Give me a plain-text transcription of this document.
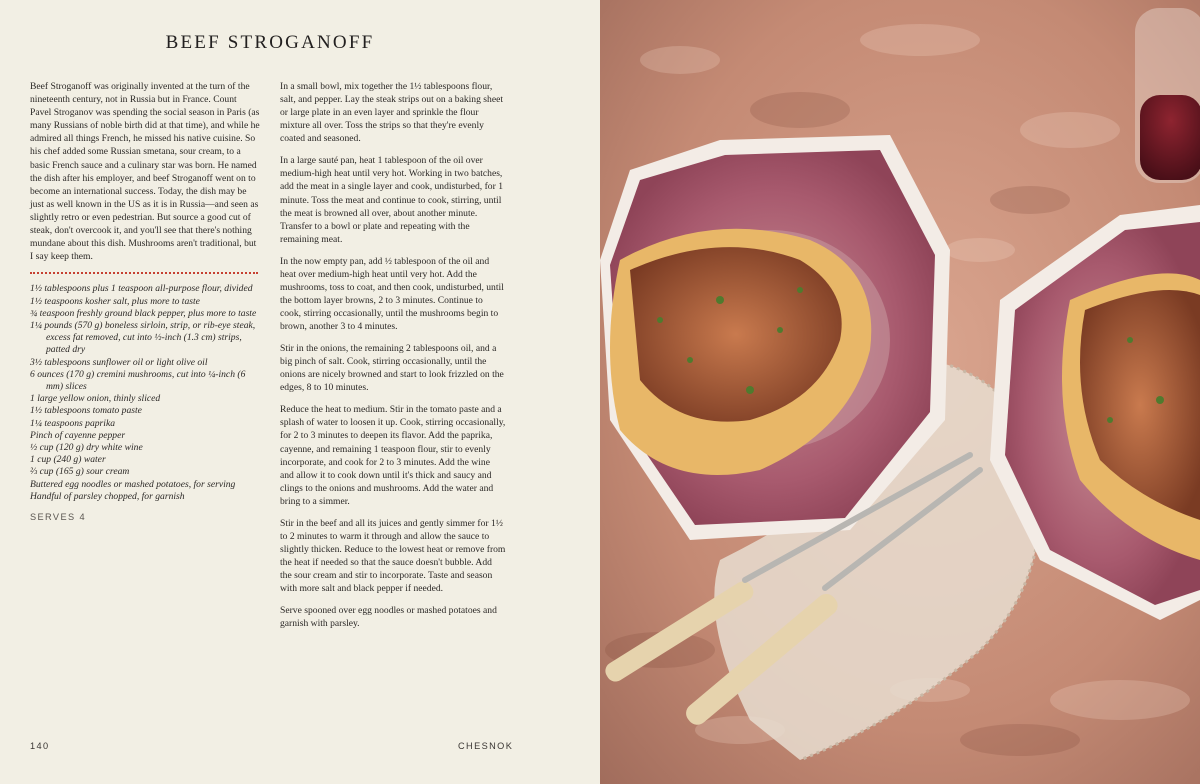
BEEF STROGANOFF

Beef Stroganoff was originally invented at the turn of the nineteenth century, not in Russia but in France. Count Pavel Stroganov was spending the social season in Paris (as many Russians of noble birth did at that time), and while he admired all things French, he missed his native cuisine. So his chef added some Russian smetana, sour cream, to a basic French sauce and a culinary star was born. He named the dish after his employer, and beef Stroganoff went on to become an international success. Today, the dish may be just as well known in the US as it is in Russia—and seen as slightly retro or even pedestrian. But source a good cut of steak, don't overcook it, and you'll see that there's nothing mundane about this dish. Mushrooms aren't traditional, but I say keep them.

1½ tablespoons plus 1 teaspoon all-purpose flour, divided
1½ teaspoons kosher salt, plus more to taste
¾ teaspoon freshly ground black pepper, plus more to taste
1¼ pounds (570 g) boneless sirloin, strip, or rib-eye steak, excess fat removed, cut into ½-inch (1.3 cm) strips, patted dry
3½ tablespoons sunflower oil or light olive oil
6 ounces (170 g) cremini mushrooms, cut into ¼-inch (6 mm) slices
1 large yellow onion, thinly sliced
1½ tablespoons tomato paste
1¼ teaspoons paprika
Pinch of cayenne pepper
½ cup (120 g) dry white wine
1 cup (240 g) water
⅔ cup (165 g) sour cream
Buttered egg noodles or mashed potatoes, for serving
Handful of parsley chopped, for garnish
SERVES 4

In a small bowl, mix together the 1½ tablespoons flour, salt, and pepper. Lay the steak strips out on a baking sheet or large plate in an even layer and sprinkle the flour mixture all over. Toss the strips so that they're evenly coated and seasoned.

In a large sauté pan, heat 1 tablespoon of the oil over medium-high heat until very hot. Working in two batches, add the meat in a single layer and cook, undisturbed, for 1 minute. Toss the meat and continue to cook, stirring, until the meat is browned all over, about another minute. Transfer to a bowl or plate and repeating with the remaining meat.

In the now empty pan, add ½ tablespoon of the oil and heat over medium-high heat until very hot. Add the mushrooms, toss to coat, and then cook, undisturbed, until the bottom layer browns, 2 to 3 minutes. Continue to cook, stirring occasionally, until the mushrooms begin to brown, another 3 to 4 minutes.

Stir in the onions, the remaining 2 tablespoons oil, and a big pinch of salt. Cook, stirring occasionally, until the onions are nicely browned and start to look frizzled on the edges, 8 to 10 minutes.

Reduce the heat to medium. Stir in the tomato paste and a splash of water to loosen it up. Cook, stirring occasionally, for 2 to 3 minutes to deepen its flavor. Add the paprika, cayenne, and remaining 1 teaspoon flour, stir to evenly incorporate, and cook for 2 to 3 minutes. Add the wine and allow it to cook down until it's thick and saucy and clings to the onions and mushrooms. Add the water and bring to a simmer.

Stir in the beef and all its juices and gently simmer for 1½ to 2 minutes to warm it through and allow the sauce to slightly thicken. Reduce to the lowest heat or remove from the heat if needed so that the sauce doesn't bubble. Add the sour cream and stir to incorporate. Taste and season with more salt and black pepper if needed.

Serve spooned over egg noodles or mashed potatoes and garnish with parsley.

140	CHESNOK
